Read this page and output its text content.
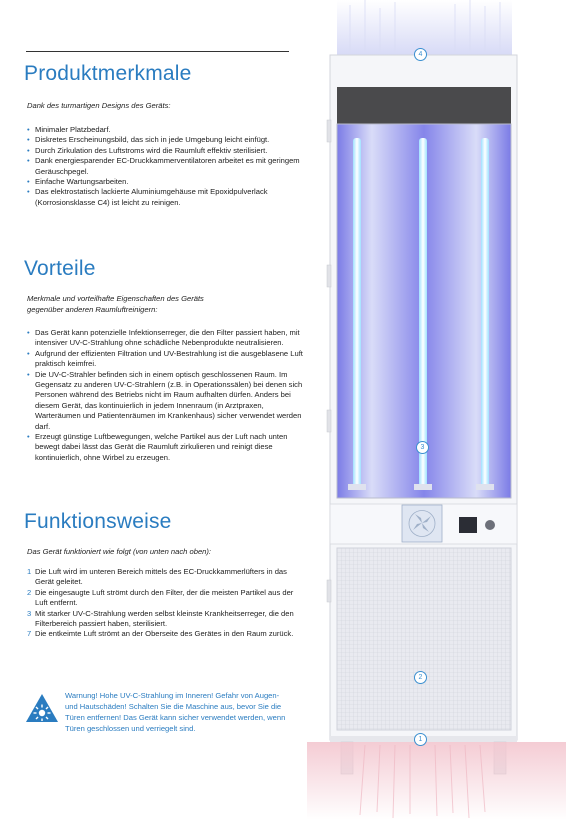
Produktmerkmale

Dank des turmartigen Designs des Geräts:

• Minimaler Platzbedarf.
• Diskretes Erscheinungsbild, das sich in jede Umgebung leicht einfügt.
• Durch Zirkulation des Luftstroms wird die Raumluft effektiv sterilisiert.
• Dank energiesparender EC-Druckkammerventilatoren arbeitet es mit geringem Geräuschpegel.
• Einfache Wartungsarbeiten.
• Das elektrostatisch lackierte Aluminiumgehäuse mit Epoxidpulverlack (Korrosionsklasse C4) ist leicht zu reinigen.
Vorteile

Merkmale und vorteilhafte Eigenschaften des Geräts
gegenüber anderen Raumluftreinigern:

• Das Gerät kann potenzielle Infektionserreger, die den Filter passiert haben, mit intensiver UV-C-Strahlung ohne schädliche Nebenprodukte neutralisieren.
• Aufgrund der effizienten Filtration und UV-Bestrahlung ist die ausgeblasene Luft praktisch keimfrei.
• Die UV-C-Strahler befinden sich in einem optisch geschlossenen Raum. Im Gegensatz zu anderen UV-C-Strahlern (z.B. in Operationssälen) bei denen sich Personen während des Betriebs nicht im Raum aufhalten dürfen. Anders bei diesem Gerät, das kontinuierlich in jedem Innenraum (in Arztpraxen, Warteräumen und Patientenräumen im Krankenhaus) sicher verwendet werden darf.
• Erzeugt günstige Luftbewegungen, welche Partikel aus der Luft nach unten bewegt dabei lässt das Gerät die Raumluft zirkulieren und reinigt diese kontinuierlich, ohne Wirbel zu erzeugen.
Funktionsweise

Das Gerät funktioniert wie folgt (von unten nach oben):

1 Die Luft wird im unteren Bereich mittels des EC-Druckkammerlüfters in das Gerät geleitet.
2 Die eingesaugte Luft strömt durch den Filter, der die meisten Partikel aus der Luft entfernt.
3 Mit starker UV-C-Strahlung werden selbst kleinste Krankheitserreger, die den Filterbereich passiert haben, sterilisiert.
7 Die entkeimte Luft strömt an der Oberseite des Gerätes in den Raum zurück.

Warnung! Hohe UV-C-Strahlung im Inneren! Gefahr von Augen- und Hautschäden! Schalten Sie die Maschine aus, bevor Sie die Türen entfernen! Das Gerät kann sicher verwendet werden, wenn Türen geschlossen und verriegelt sind.

4
3
2
1
